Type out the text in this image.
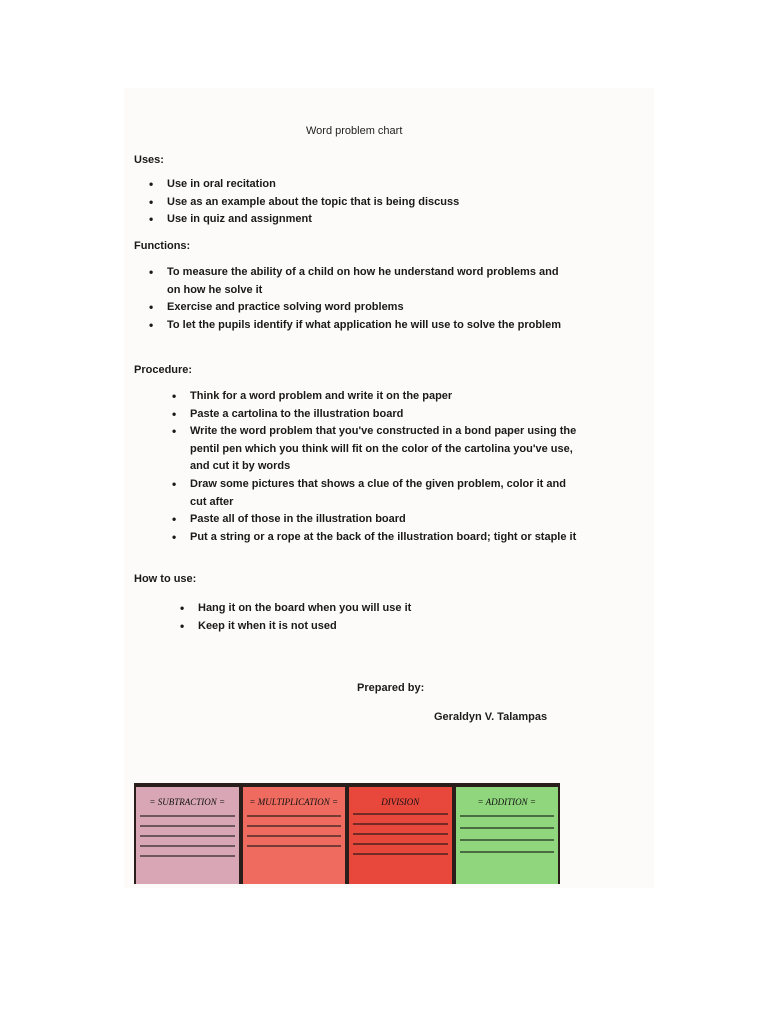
Word problem chart
Uses:
• Use in oral recitation
• Use as an example about the topic that is being discuss
• Use in quiz and assignment
Functions:
• To measure the ability of a child on how he understand word problems and on how he solve it
• Exercise and practice solving word problems
• To let the pupils identify if what application he will use to solve the problem
Procedure:
• Think for a word problem and write it on the paper
• Paste a cartolina to the illustration board
• Write the word problem that you've constructed in a bond paper using the pentil pen which you think will fit on the color of the cartolina you've use, and cut it by words
• Draw some pictures that shows a clue of the given problem, color it and cut after
• Paste all of those in the illustration board
• Put a string or a rope at the back of the illustration board; tight or staple it
How to use:
• Hang it on the board when you will use it
• Keep it when it is not used
Prepared by:
Geraldyn V. Talampas
= SUBTRACTION =	= MULTIPLICATION =	DIVISION	= ADDITION =
